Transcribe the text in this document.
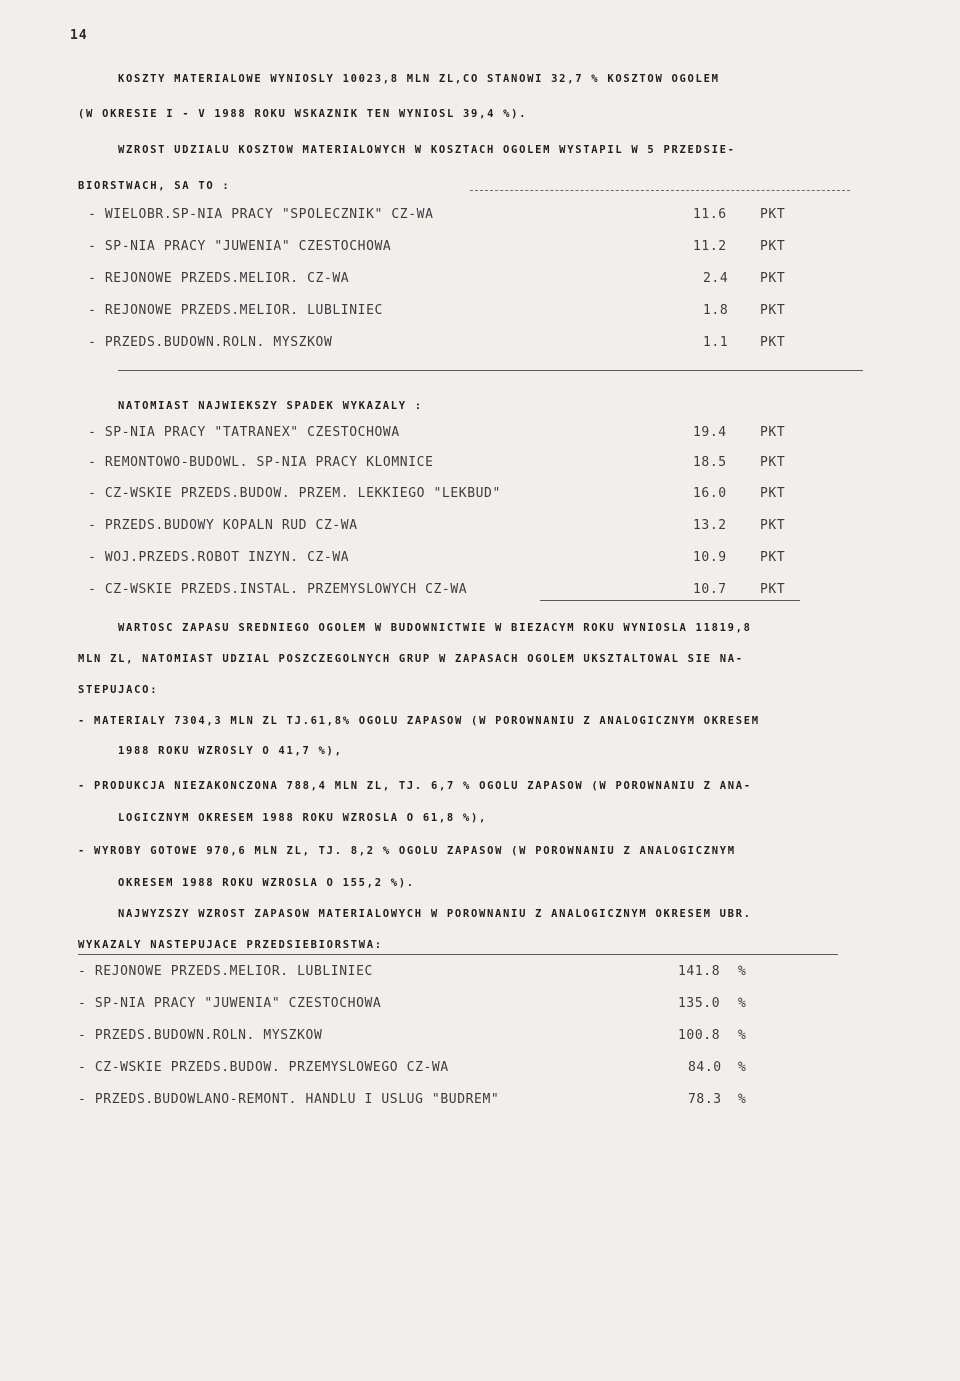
14
KOSZTY MATERIALOWE WYNIOSLY 10023,8 MLN ZL,CO STANOWI 32,7 % KOSZTOW OGOLEM
(W OKRESIE I - V 1988 ROKU WSKAZNIK TEN WYNIOSL 39,4 %).
WZROST UDZIALU KOSZTOW MATERIALOWYCH W KOSZTACH OGOLEM WYSTAPIL W 5 PRZEDSIE-
BIORSTWACH, SA TO :
- WIELOBR.SP-NIA PRACY "SPOLECZNIK" CZ-WA	11.6	PKT
- SP-NIA PRACY "JUWENIA" CZESTOCHOWA	11.2	PKT
- REJONOWE PRZEDS.MELIOR. CZ-WA	2.4 PKT
- REJONOWE PRZEDS.MELIOR. LUBLINIEC	1.8 PKT
- PRZEDS.BUDOWN.ROLN. MYSZKOW	1.1 PKT
NATOMIAST NAJWIEKSZY SPADEK WYKAZALY :
- SP-NIA PRACY "TATRANEX" CZESTOCHOWA	19.4	PKT
- REMONTOWO-BUDOWL. SP-NIA PRACY KLOMNICE	18.5	PKT
- CZ-WSKIE PRZEDS.BUDOW. PRZEM. LEKKIEGO "LEKBUD"	16.0	PKT
- PRZEDS.BUDOWY KOPALN RUD CZ-WA	13.2	PKT
- WOJ.PRZEDS.ROBOT INZYN. CZ-WA	10.9	PKT
- CZ-WSKIE PRZEDS.INSTAL. PRZEMYSLOWYCH CZ-WA	10.7	PKT
WARTOSC ZAPASU SREDNIEGO OGOLEM W BUDOWNICTWIE W BIEZACYM ROKU WYNIOSLA 11819,8
MLN ZL, NATOMIAST UDZIAL POSZCZEGOLNYCH GRUP W ZAPASACH OGOLEM UKSZTALTOWAL SIE NA-
STEPUJACO:
- MATERIALY 7304,3 MLN ZL TJ.61,8% OGOLU ZAPASOW (W POROWNANIU Z ANALOGICZNYM OKRESEM
1988 ROKU WZROSLY O 41,7 %),
- PRODUKCJA NIEZAKONCZONA 788,4 MLN ZL, TJ. 6,7 % OGOLU ZAPASOW (W POROWNANIU Z ANA-
LOGICZNYM OKRESEM 1988 ROKU WZROSLA O 61,8 %),
- WYROBY GOTOWE 970,6 MLN ZL, TJ. 8,2 % OGOLU ZAPASOW (W POROWNANIU Z ANALOGICZNYM
OKRESEM 1988 ROKU WZROSLA O 155,2 %).
NAJWYZSZY WZROST ZAPASOW MATERIALOWYCH W POROWNANIU Z ANALOGICZNYM OKRESEM UBR.
WYKAZALY NASTEPUJACE PRZEDSIEBIORSTWA:
- REJONOWE PRZEDS.MELIOR. LUBLINIEC	141.8 %
- SP-NIA PRACY "JUWENIA" CZESTOCHOWA	135.0 %
- PRZEDS.BUDOWN.ROLN. MYSZKOW	100.8 %
- CZ-WSKIE PRZEDS.BUDOW. PRZEMYSLOWEGO CZ-WA	84.0 %
- PRZEDS.BUDOWLANO-REMONT. HANDLU I USLUG "BUDREM"	78.3 %
